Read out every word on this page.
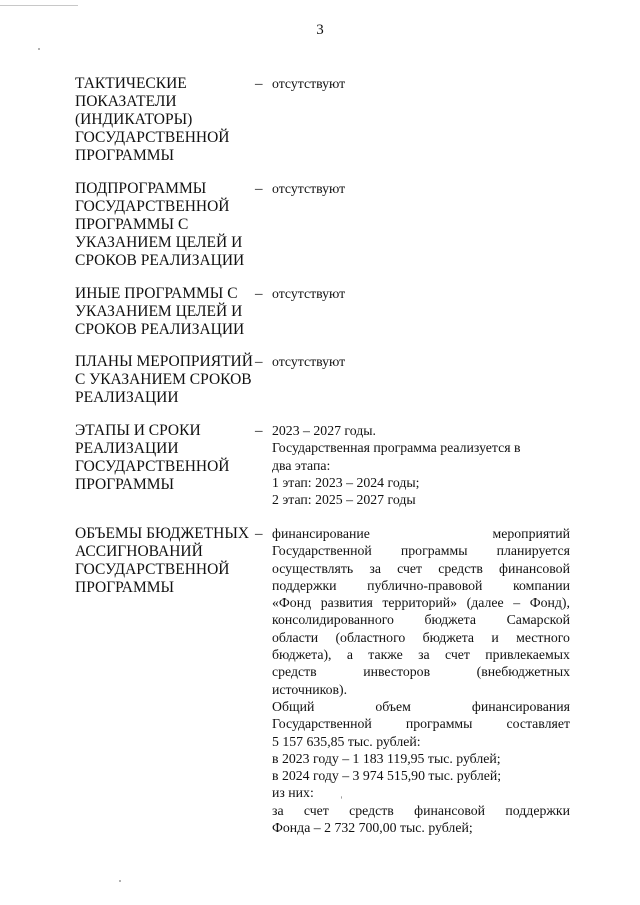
3
ТАКТИЧЕСКИЕ
ПОКАЗАТЕЛИ
(ИНДИКАТОРЫ)
ГОСУДАРСТВЕННОЙ
ПРОГРАММЫ
– отсутствуют
ПОДПРОГРАММЫ
ГОСУДАРСТВЕННОЙ
ПРОГРАММЫ С
УКАЗАНИЕМ ЦЕЛЕЙ И
СРОКОВ РЕАЛИЗАЦИИ
– отсутствуют
ИНЫЕ ПРОГРАММЫ С
УКАЗАНИЕМ ЦЕЛЕЙ И
СРОКОВ РЕАЛИЗАЦИИ
– отсутствуют
ПЛАНЫ МЕРОПРИЯТИЙ
С УКАЗАНИЕМ СРОКОВ
РЕАЛИЗАЦИИ
– отсутствуют
ЭТАПЫ И СРОКИ
РЕАЛИЗАЦИИ
ГОСУДАРСТВЕННОЙ
ПРОГРАММЫ
– 2023 – 2027 годы.
Государственная программа реализуется в
два этапа:
1 этап: 2023 – 2024 годы;
2 этап: 2025 – 2027 годы
ОБЪЕМЫ БЮДЖЕТНЫХ
АССИГНОВАНИЙ
ГОСУДАРСТВЕННОЙ
ПРОГРАММЫ
– финансирование	мероприятий
Государственной программы планируется
осуществлять за счет средств финансовой
поддержки публично-правовой компании
«Фонд развития территорий» (далее – Фонд),
консолидированного бюджета Самарской
области (областного бюджета и местного
бюджета), а также за счет привлекаемых
средств	инвесторов	(внебюджетных
источников).
Общий	объем	финансирования
Государственной программы составляет
5 157 635,85 тыс. рублей:
в 2023 году – 1 183 119,95 тыс. рублей;
в 2024 году – 3 974 515,90 тыс. рублей;
из них:
за счет средств финансовой поддержки
Фонда – 2 732 700,00 тыс. рублей;
